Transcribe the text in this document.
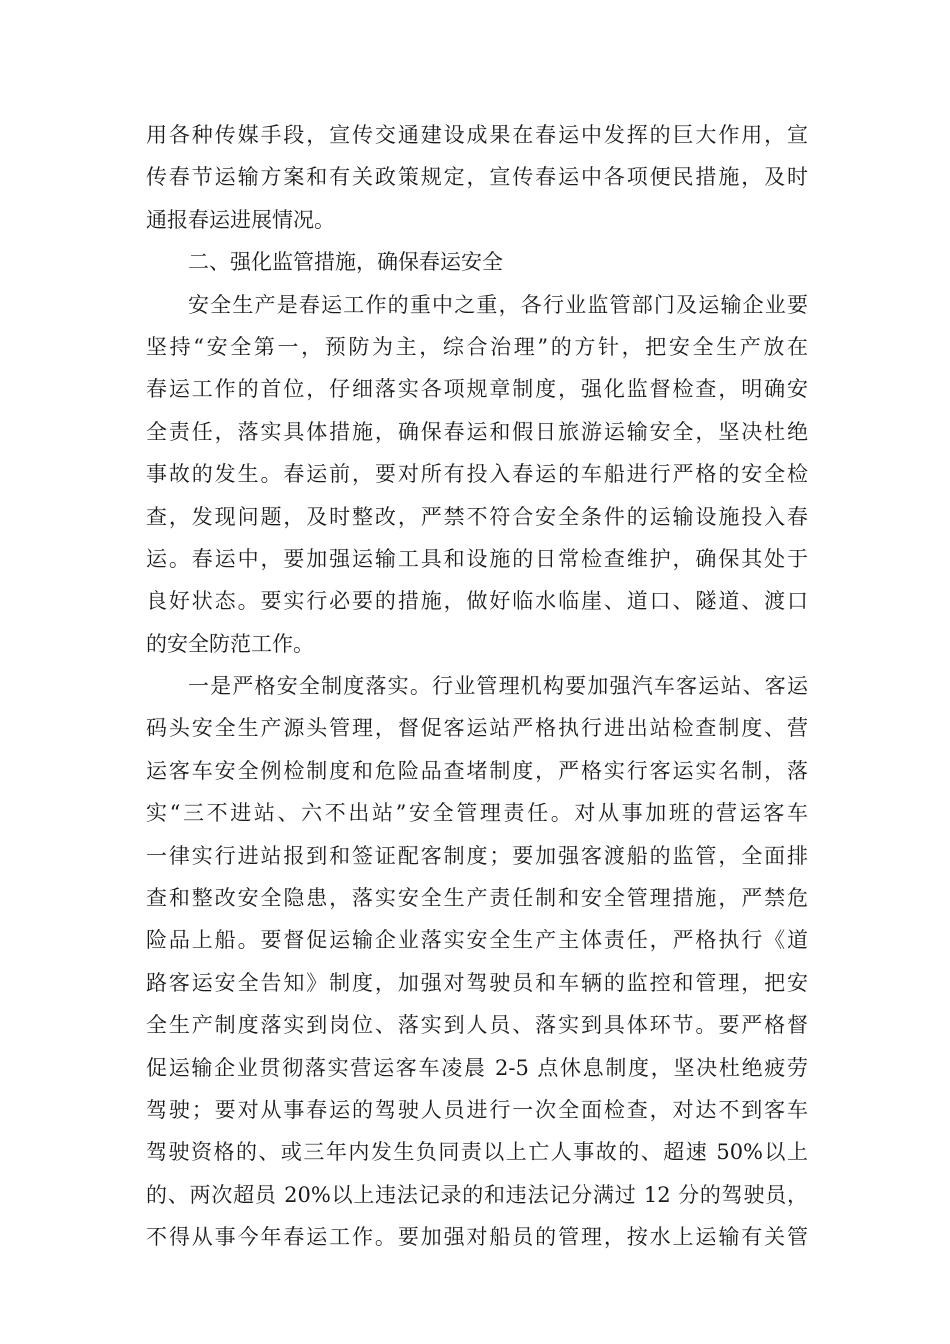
用各种传媒手段，宣传交通建设成果在春运中发挥的巨大作用，宣
传春节运输方案和有关政策规定，宣传春运中各项便民措施，及时
通报春运进展情况。
二、强化监管措施，确保春运安全
安全生产是春运工作的重中之重，各行业监管部门及运输企业要
坚持“安全第一，预防为主，综合治理”的方针，把安全生产放在
春运工作的首位，仔细落实各项规章制度，强化监督检查，明确安
全责任，落实具体措施，确保春运和假日旅游运输安全，坚决杜绝
事故的发生。春运前，要对所有投入春运的车船进行严格的安全检
查，发现问题，及时整改，严禁不符合安全条件的运输设施投入春
运。春运中，要加强运输工具和设施的日常检查维护，确保其处于
良好状态。要实行必要的措施，做好临水临崖、道口、隧道、渡口
的安全防范工作。
一是严格安全制度落实。行业管理机构要加强汽车客运站、客运
码头安全生产源头管理，督促客运站严格执行进出站检查制度、营
运客车安全例检制度和危险品查堵制度，严格实行客运实名制，落
实“三不进站、六不出站”安全管理责任。对从事加班的营运客车
一律实行进站报到和签证配客制度；要加强客渡船的监管，全面排
查和整改安全隐患，落实安全生产责任制和安全管理措施，严禁危
险品上船。要督促运输企业落实安全生产主体责任，严格执行《道
路客运安全告知》制度，加强对驾驶员和车辆的监控和管理，把安
全生产制度落实到岗位、落实到人员、落实到具体环节。要严格督
促运输企业贯彻落实营运客车凌晨 2-5 点休息制度，坚决杜绝疲劳
驾驶；要对从事春运的驾驶人员进行一次全面检查，对达不到客车
驾驶资格的、或三年内发生负同责以上亡人事故的、超速 50%以上
的、两次超员 20%以上违法记录的和违法记分满过 12 分的驾驶员，
不得从事今年春运工作。要加强对船员的管理，按水上运输有关管
